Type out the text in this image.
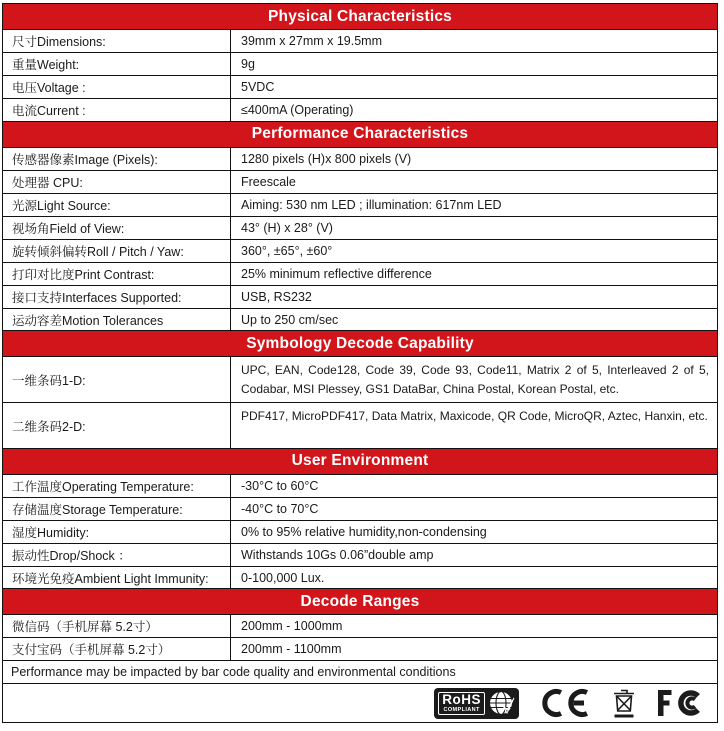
Physical Characteristics
尺寸Dimensions:	39mm x 27mm x 19.5mm
重量Weight:	9g
电压Voltage :	5VDC
电流Current :	≤400mA (Operating)
Performance Characteristics
传感器像素Image (Pixels):	1280 pixels (H)x 800 pixels (V)
处理器 CPU:	Freescale
光源Light Source:	Aiming: 530 nm LED ; illumination: 617nm LED
视场角Field of View:	43° (H) x 28° (V)
旋转倾斜偏转Roll / Pitch / Yaw:	360°, ±65°, ±60°
打印对比度Print Contrast:	25% minimum reflective difference
接口支持Interfaces Supported:	USB, RS232
运动容差Motion Tolerances	Up to 250 cm/sec
Symbology Decode Capability
一维条码1-D:
UPC, EAN, Code128, Code 39, Code 93, Code11, Matrix 2 of 5, Interleaved 2 of 5, Codabar, MSI Plessey, GS1 DataBar, China Postal, Korean Postal, etc.
二维条码2-D:
PDF417, MicroPDF417, Data Matrix, Maxicode, QR Code, MicroQR, Aztec, Hanxin, etc.
User Environment
工作温度Operating Temperature:	-30°C to 60°C
存储温度Storage Temperature:	-40°C to 70°C
湿度Humidity:	0% to 95% relative humidity,non-condensing
振动性Drop/Shock ：	Withstands 10Gs 0.06”double amp
环境光免疫Ambient Light Immunity:	0-100,000 Lux.
Decode Ranges
微信码（手机屏幕 5.2寸）	200mm - 1000mm
支付宝码（手机屏幕 5.2寸）	200mm - 1100mm
Performance may be impacted by bar code quality and environmental conditions
RoHS
COMPLIANT
